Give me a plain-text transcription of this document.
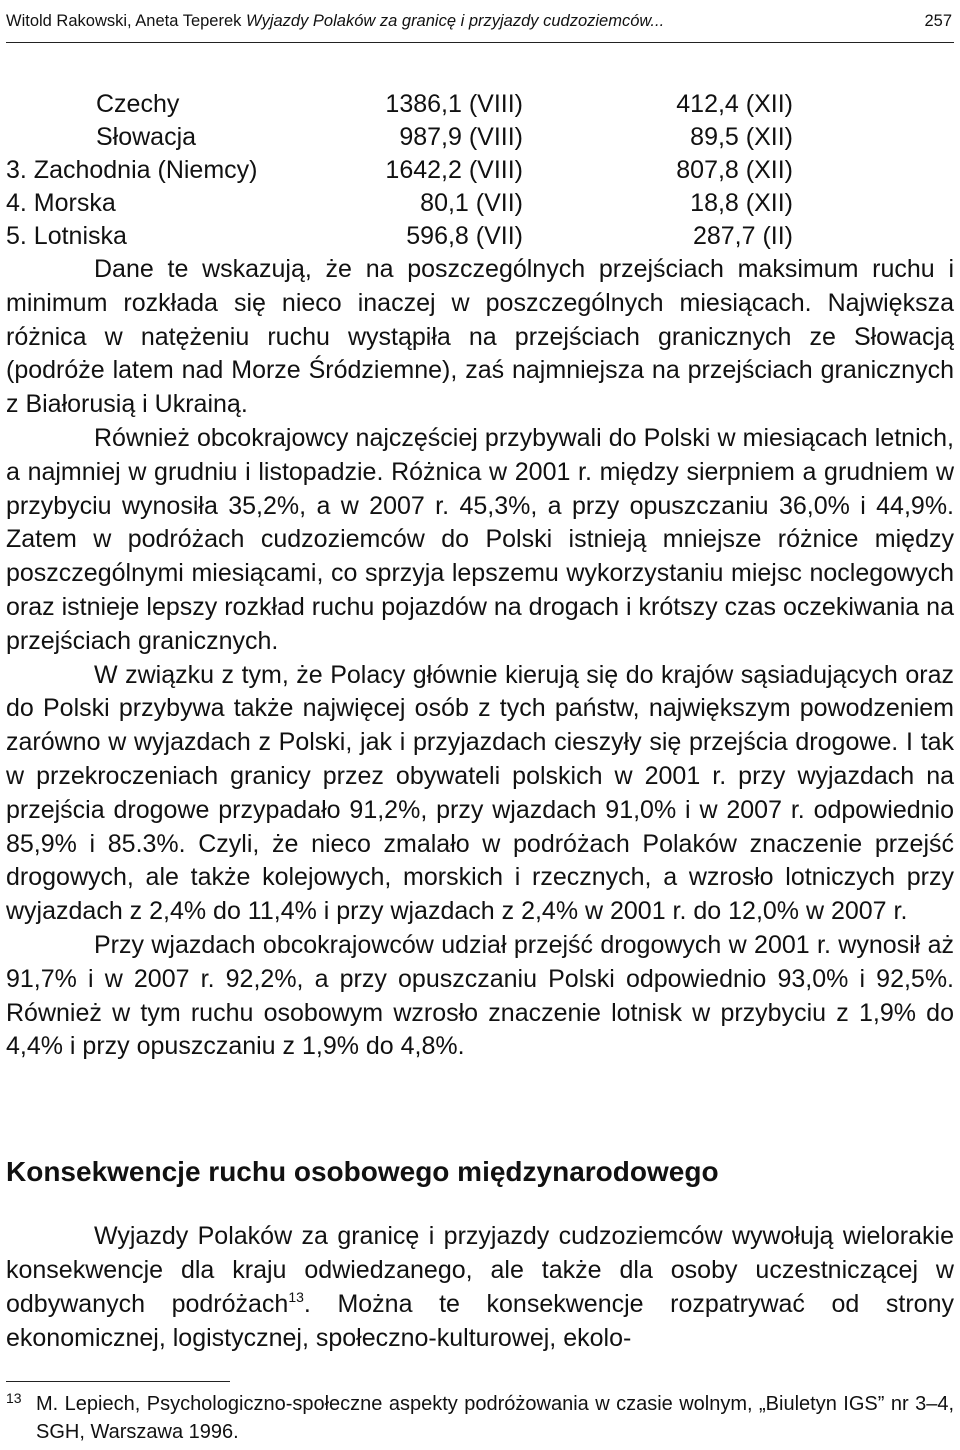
Witold Rakowski, Aneta Teperek Wyjazdy Polaków za granicę i przyjazdy cudzoziemców...	257
Czechy	1386,1 (VIII)	412,4 (XII)
Słowacja	987,9 (VIII)	89,5 (XII)
3. Zachodnia (Niemcy)	1642,2 (VIII)	807,8 (XII)
4. Morska	80,1 (VII)	18,8 (XII)
5. Lotniska	596,8 (VII)	287,7 (II)

Dane te wskazują, że na poszczególnych przejściach maksimum ruchu i minimum rozkłada się nieco inaczej w poszczególnych miesiącach. Największa różnica w natężeniu ruchu wystąpiła na przejściach granicznych ze Słowacją (podróże latem nad Morze Śródziemne), zaś najmniejsza na przejściach granicznych z Białorusią i Ukrainą.

Również obcokrajowcy najczęściej przybywali do Polski w miesiącach letnich, a najmniej w grudniu i listopadzie. Różnica w 2001 r. między sierpniem a grudniem w przybyciu wynosiła 35,2%, a w 2007 r. 45,3%, a przy opuszczaniu 36,0% i 44,9%. Zatem w podróżach cudzoziemców do Polski istnieją mniejsze różnice między poszczególnymi miesiącami, co sprzyja lepszemu wykorzystaniu miejsc noclegowych oraz istnieje lepszy rozkład ruchu pojazdów na drogach i krótszy czas oczekiwania na przejściach granicznych.

W związku z tym, że Polacy głównie kierują się do krajów sąsiadujących oraz do Polski przybywa także najwięcej osób z tych państw, największym powodzeniem zarówno w wyjazdach z Polski, jak i przyjazdach cieszyły się przejścia drogowe. I tak w przekroczeniach granicy przez obywateli polskich w 2001 r. przy wyjazdach na przejścia drogowe przypadało 91,2%, przy wjazdach 91,0% i w 2007 r. odpowiednio 85,9% i 85.3%. Czyli, że nieco zmalało w podróżach Polaków znaczenie przejść drogowych, ale także kolejowych, morskich i rzecznych, a wzrosło lotniczych przy wyjazdach z 2,4% do 11,4% i przy wjazdach z 2,4% w 2001 r. do 12,0% w 2007 r.

Przy wjazdach obcokrajowców udział przejść drogowych w 2001 r. wynosił aż 91,7% i w 2007 r. 92,2%, a przy opuszczaniu Polski odpowiednio 93,0% i 92,5%. Również w tym ruchu osobowym wzrosło znaczenie lotnisk w przybyciu z 1,9% do 4,4% i przy opuszczaniu z 1,9% do 4,8%.

Konsekwencje ruchu osobowego międzynarodowego

Wyjazdy Polaków za granicę i przyjazdy cudzoziemców wywołują wielorakie konsekwencje dla kraju odwiedzanego, ale także dla osoby uczestniczącej w odbywanych podróżach$^{13}$. Można te konsekwencje rozpatrywać od strony ekonomicznej, logistycznej, społeczno-kulturowej, ekolo-

13 M. Lepiech, Psychologiczno-społeczne aspekty podróżowania w czasie wolnym, „Biuletyn IGS” nr 3–4, SGH, Warszawa 1996.
